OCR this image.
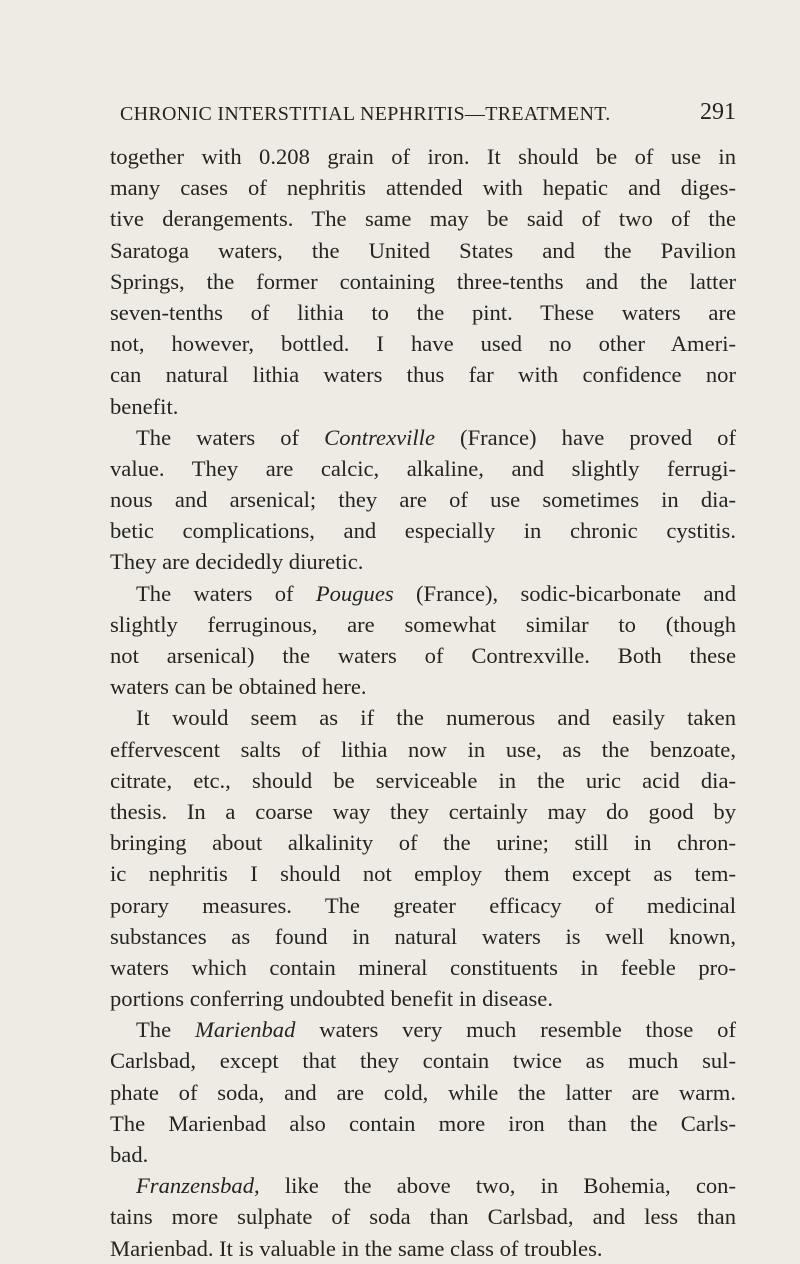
CHRONIC INTERSTITIAL NEPHRITIS—TREATMENT.	291
together with 0.208 grain of iron. It should be of use in
many cases of nephritis attended with hepatic and diges-
tive derangements. The same may be said of two of the
Saratoga waters, the United States and the Pavilion
Springs, the former containing three-tenths and the latter
seven-tenths of lithia to the pint. These waters are
not, however, bottled. I have used no other Ameri-
can natural lithia waters thus far with confidence nor
benefit.
The waters of Contrexville (France) have proved of
value. They are calcic, alkaline, and slightly ferrugi-
nous and arsenical; they are of use sometimes in dia-
betic complications, and especially in chronic cystitis.
They are decidedly diuretic.
The waters of Pougues (France), sodic-bicarbonate and
slightly ferruginous, are somewhat similar to (though
not arsenical) the waters of Contrexville. Both these
waters can be obtained here.
It would seem as if the numerous and easily taken
effervescent salts of lithia now in use, as the benzoate,
citrate, etc., should be serviceable in the uric acid dia-
thesis. In a coarse way they certainly may do good by
bringing about alkalinity of the urine; still in chron-
ic nephritis I should not employ them except as tem-
porary measures. The greater efficacy of medicinal
substances as found in natural waters is well known,
waters which contain mineral constituents in feeble pro-
portions conferring undoubted benefit in disease.
The Marienbad waters very much resemble those of
Carlsbad, except that they contain twice as much sul-
phate of soda, and are cold, while the latter are warm.
The Marienbad also contain more iron than the Carls-
bad.
Franzensbad, like the above two, in Bohemia, con-
tains more sulphate of soda than Carlsbad, and less than
Marienbad. It is valuable in the same class of troubles.
